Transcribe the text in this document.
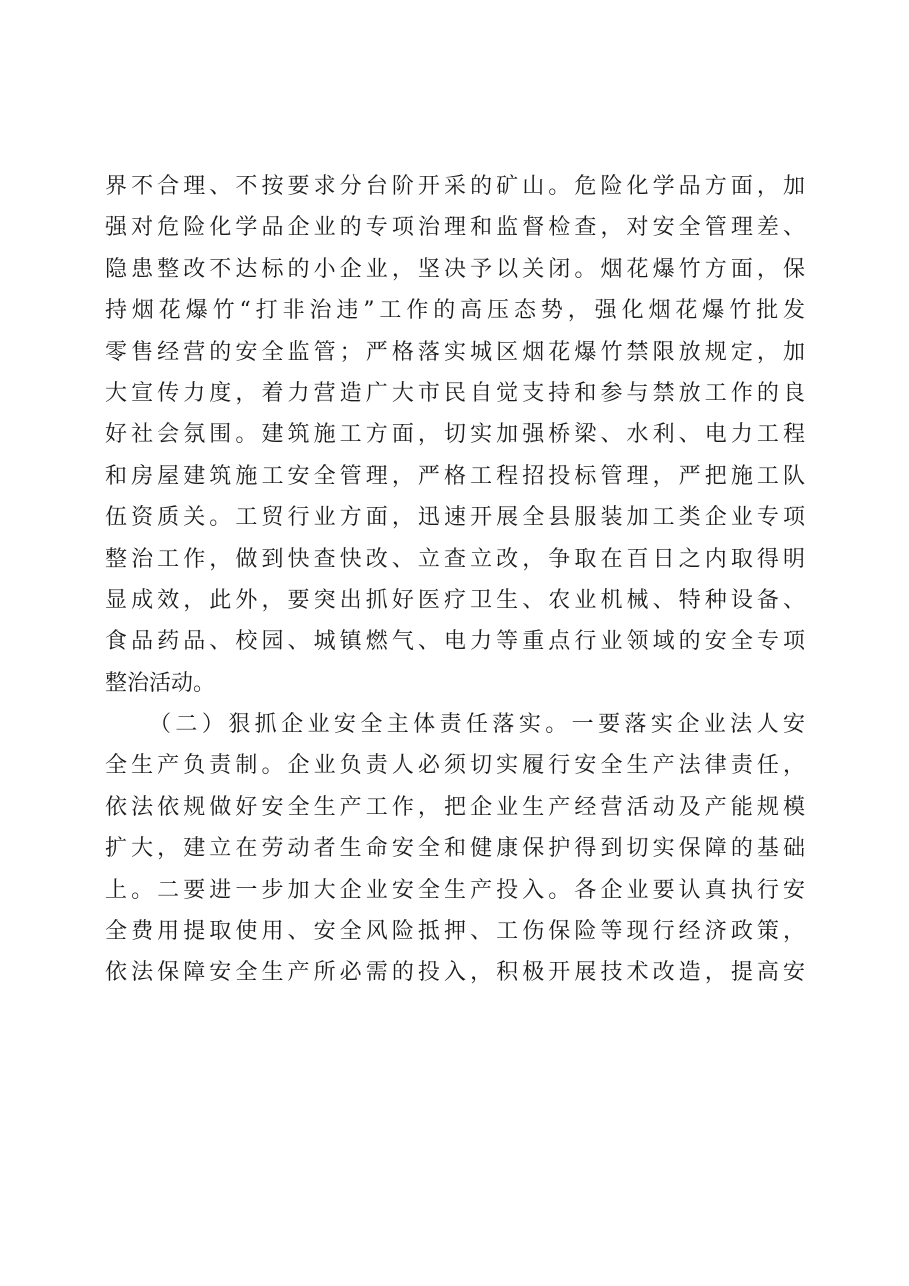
界不合理、不按要求分台阶开采的矿山。危险化学品方面，加
强对危险化学品企业的专项治理和监督检查，对安全管理差、
隐患整改不达标的小企业，坚决予以关闭。烟花爆竹方面，保
持烟花爆竹“打非治违”工作的高压态势，强化烟花爆竹批发
零售经营的安全监管；严格落实城区烟花爆竹禁限放规定，加
大宣传力度，着力营造广大市民自觉支持和参与禁放工作的良
好社会氛围。建筑施工方面，切实加强桥梁、水利、电力工程
和房屋建筑施工安全管理，严格工程招投标管理，严把施工队
伍资质关。工贸行业方面，迅速开展全县服装加工类企业专项
整治工作，做到快查快改、立查立改，争取在百日之内取得明
显成效，此外，要突出抓好医疗卫生、农业机械、特种设备、
食品药品、校园、城镇燃气、电力等重点行业领域的安全专项
整治活动。
（二）狠抓企业安全主体责任落实。一要落实企业法人安
全生产负责制。企业负责人必须切实履行安全生产法律责任，
依法依规做好安全生产工作，把企业生产经营活动及产能规模
扩大，建立在劳动者生命安全和健康保护得到切实保障的基础
上。二要进一步加大企业安全生产投入。各企业要认真执行安
全费用提取使用、安全风险抵押、工伤保险等现行经济政策，
依法保障安全生产所必需的投入，积极开展技术改造，提高安
